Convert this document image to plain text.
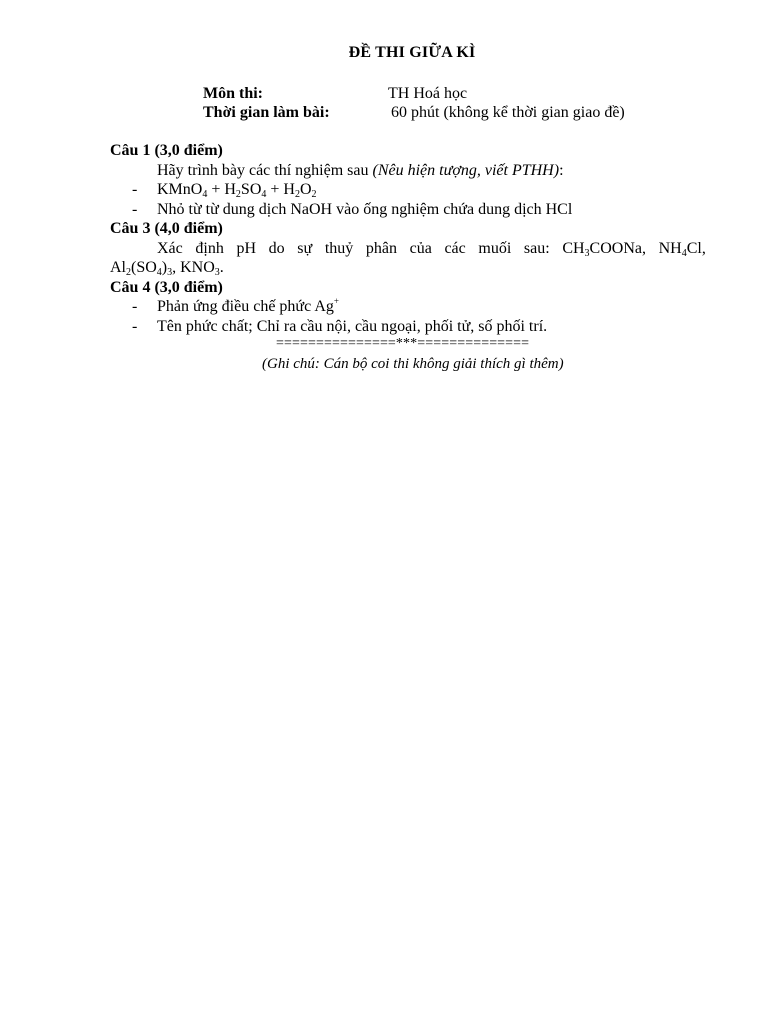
ĐỀ THI GIỮA KÌ
Môn thi:	TH Hoá học
Thời gian làm bài:	60 phút (không kể thời gian giao đề)
Câu 1 (3,0 điểm)
Hãy trình bày các thí nghiệm sau (Nêu hiện tượng, viết PTHH):
- KMnO$_4$ + $H_2SO_4 + H_2O_2$
- Nhỏ từ từ dung dịch NaOH vào ống nghiệm chứa dung dịch HCl
Câu 3 (4,0 điểm)
Xác định pH do sự thuỷ phân của các muối sau: $CH_3COONa$, $NH_4Cl$,
$Al_2(SO_4)_3$, $KNO_3$.
Câu 4 (3,0 điểm)
- Phản ứng điều chế phức Ag+
- Tên phức chất; Chỉ ra cầu nội, cầu ngoại, phối tử, số phối trí.
===============***==============
(Ghi chú: Cán bộ coi thi không giải thích gì thêm)
